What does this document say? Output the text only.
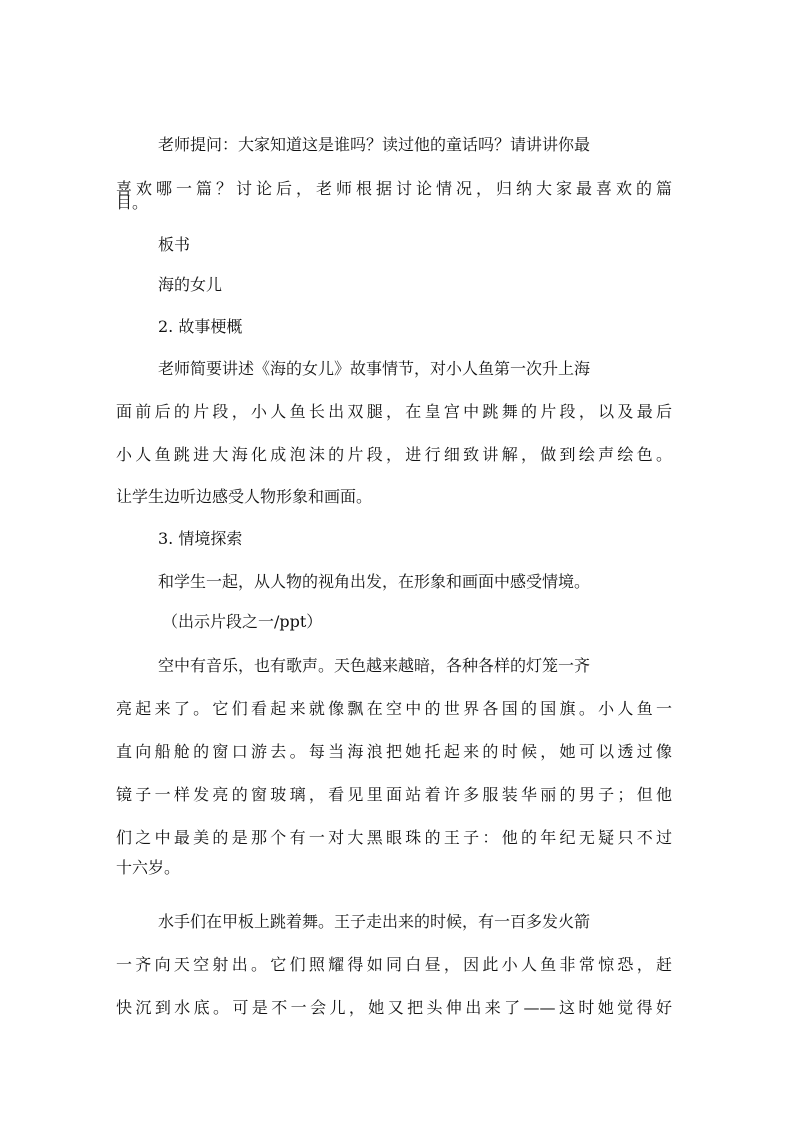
老师提问：大家知道这是谁吗？读过他的童话吗？请讲讲你最
喜欢哪一篇？讨论后，老师根据讨论情况，归纳大家最喜欢的篇
目。
板书
海的女儿
2. 故事梗概
老师简要讲述《海的女儿》故事情节，对小人鱼第一次升上海
面前后的片段，小人鱼长出双腿，在皇宫中跳舞的片段，以及最后
小人鱼跳进大海化成泡沫的片段，进行细致讲解，做到绘声绘色。
让学生边听边感受人物形象和画面。
3. 情境探索
和学生一起，从人物的视角出发，在形象和画面中感受情境。
（出示片段之一/ppt）
空中有音乐，也有歌声。天色越来越暗，各种各样的灯笼一齐
亮起来了。它们看起来就像飘在空中的世界各国的国旗。小人鱼一
直向船舱的窗口游去。每当海浪把她托起来的时候，她可以透过像
镜子一样发亮的窗玻璃，看见里面站着许多服装华丽的男子；但他
们之中最美的是那个有一对大黑眼珠的王子：他的年纪无疑只不过
十六岁。
水手们在甲板上跳着舞。王子走出来的时候，有一百多发火箭
一齐向天空射出。它们照耀得如同白昼，因此小人鱼非常惊恐，赶
快沉到水底。可是不一会儿，她又把头伸出来了——这时她觉得好
